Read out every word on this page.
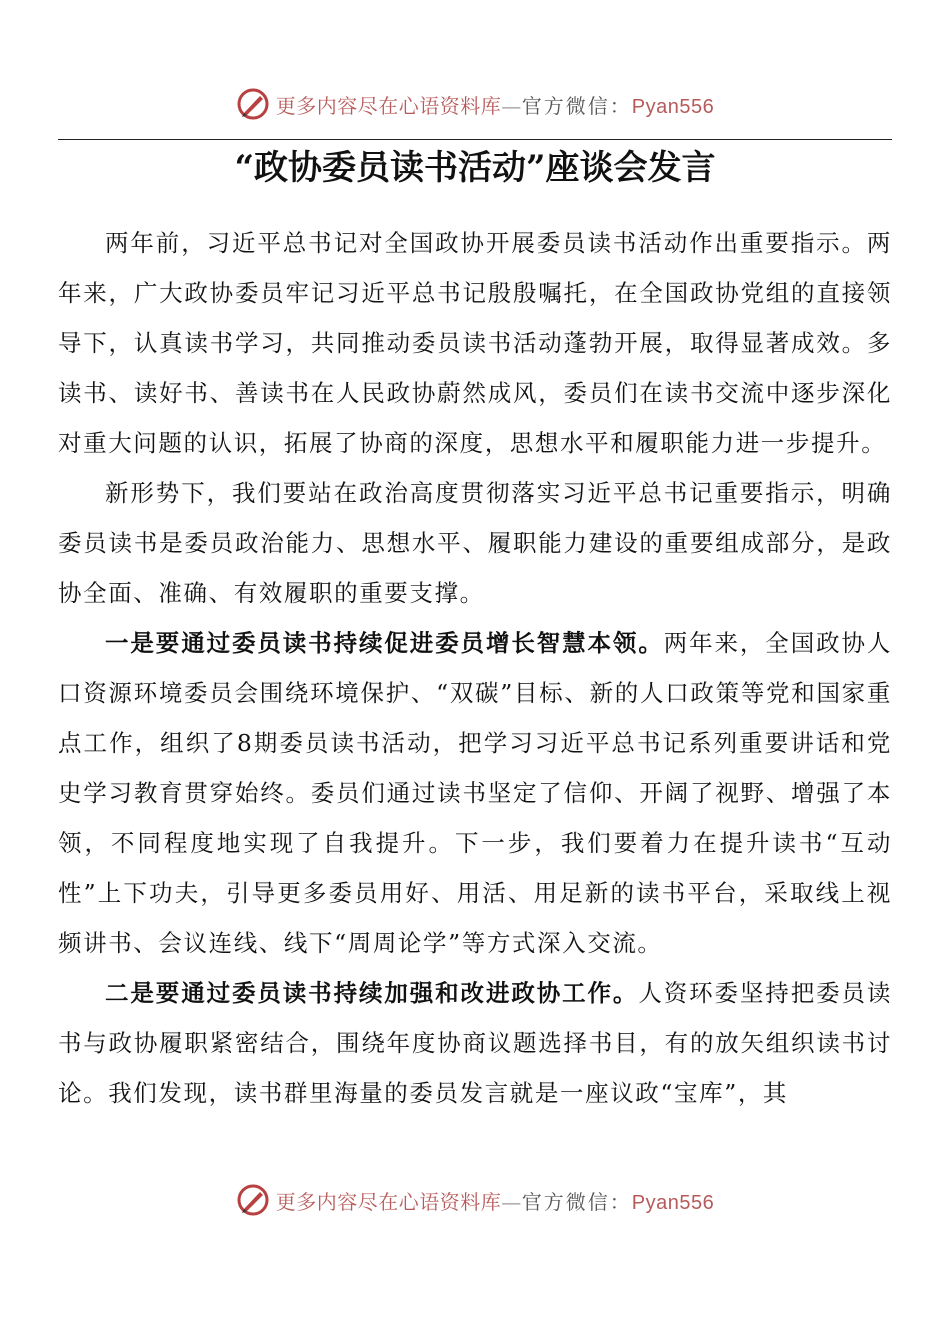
更多内容尽在心语资料库—官方微信：Pyan556
“政协委员读书活动”座谈会发言

两年前，习近平总书记对全国政协开展委员读书活动作出重要指示。两年来，广大政协委员牢记习近平总书记殷殷嘱托，在全国政协党组的直接领导下，认真读书学习，共同推动委员读书活动蓬勃开展，取得显著成效。多读书、读好书、善读书在人民政协蔚然成风，委员们在读书交流中逐步深化对重大问题的认识，拓展了协商的深度，思想水平和履职能力进一步提升。

新形势下，我们要站在政治高度贯彻落实习近平总书记重要指示，明确委员读书是委员政治能力、思想水平、履职能力建设的重要组成部分，是政协全面、准确、有效履职的重要支撑。

一是要通过委员读书持续促进委员增长智慧本领。两年来，全国政协人口资源环境委员会围绕环境保护、“双碳”目标、新的人口政策等党和国家重点工作，组织了8期委员读书活动，把学习习近平总书记系列重要讲话和党史学习教育贯穿始终。委员们通过读书坚定了信仰、开阔了视野、增强了本领，不同程度地实现了自我提升。下一步，我们要着力在提升读书“互动性”上下功夫，引导更多委员用好、用活、用足新的读书平台，采取线上视频讲书、会议连线、线下“周周论学”等方式深入交流。

二是要通过委员读书持续加强和改进政协工作。人资环委坚持把委员读书与政协履职紧密结合，围绕年度协商议题选择书目，有的放矢组织读书讨论。我们发现，读书群里海量的委员发言就是一座议政“宝库”，其

更多内容尽在心语资料库—官方微信：Pyan556
